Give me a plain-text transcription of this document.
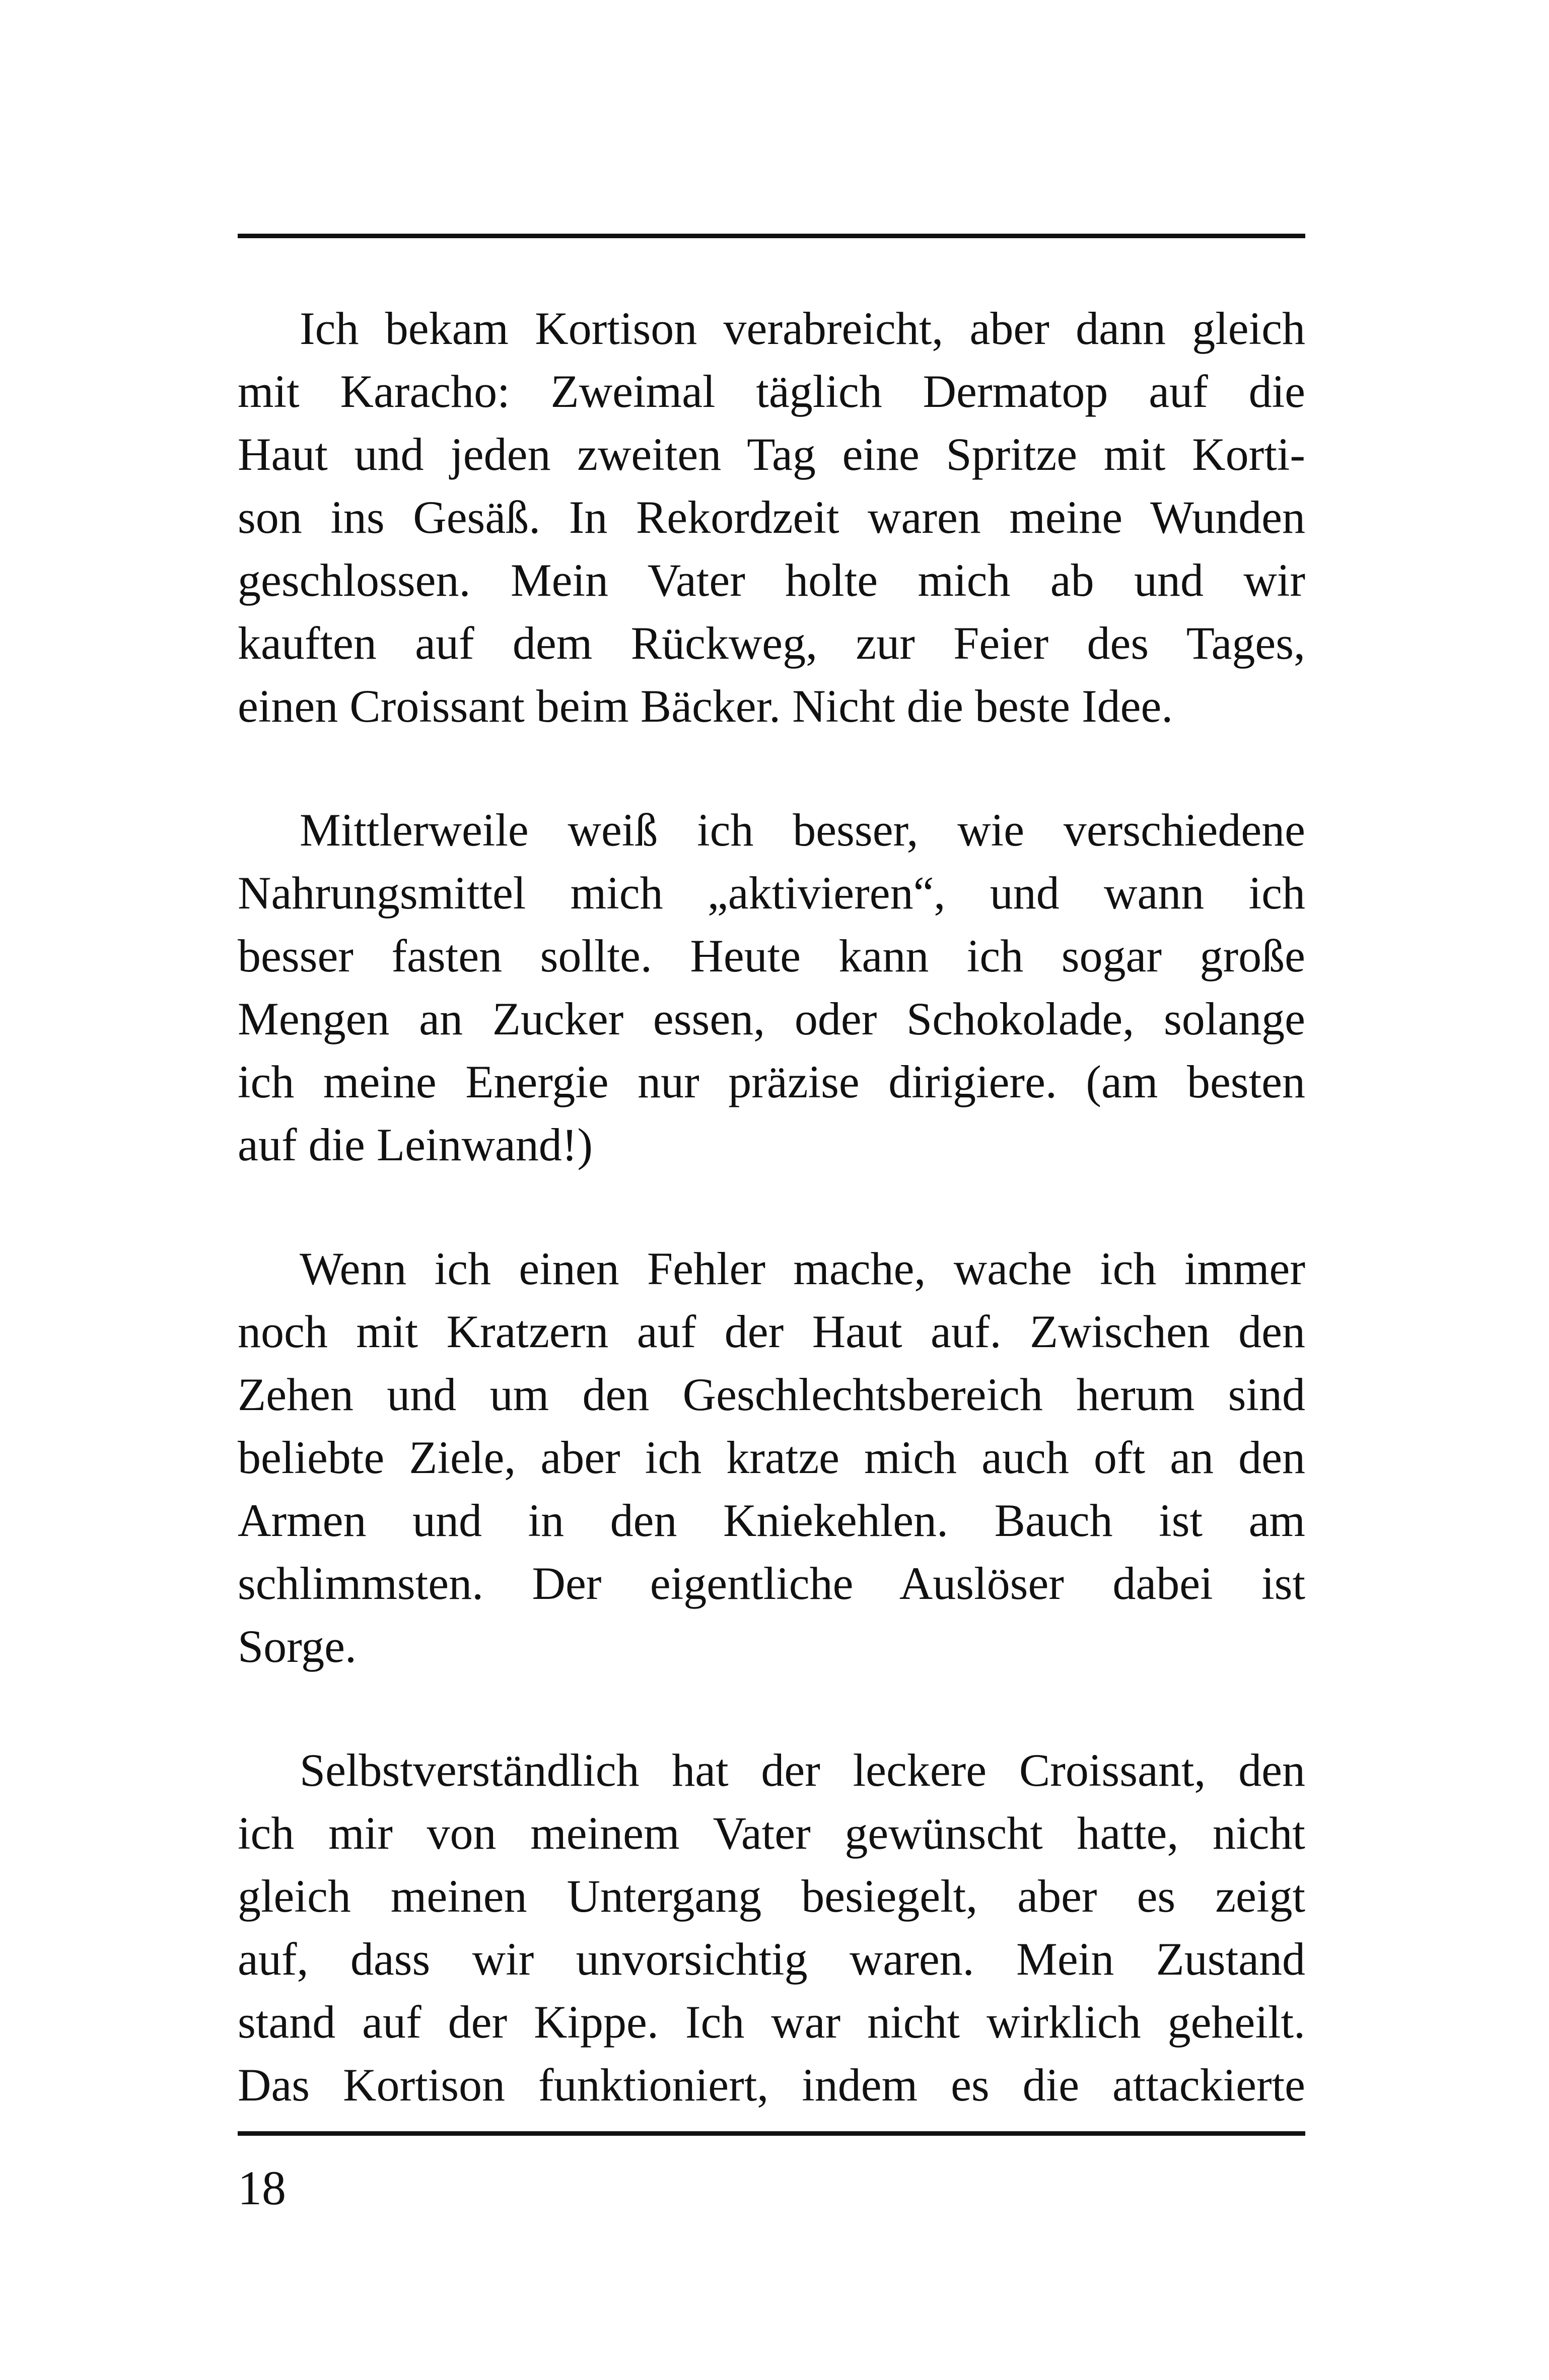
Ich bekam Kortison verabreicht, aber dann gleich
mit Karacho: Zweimal täglich Dermatop auf die
Haut und jeden zweiten Tag eine Spritze mit Korti-
son ins Gesäß. In Rekordzeit waren meine Wunden
geschlossen. Mein Vater holte mich ab und wir
kauften auf dem Rückweg, zur Feier des Tages,
einen Croissant beim Bäcker. Nicht die beste Idee.

Mittlerweile weiß ich besser, wie verschiedene
Nahrungsmittel mich „aktivieren“, und wann ich
besser fasten sollte. Heute kann ich sogar große
Mengen an Zucker essen, oder Schokolade, solange
ich meine Energie nur präzise dirigiere. (am besten
auf die Leinwand!)

Wenn ich einen Fehler mache, wache ich immer
noch mit Kratzern auf der Haut auf. Zwischen den
Zehen und um den Geschlechtsbereich herum sind
beliebte Ziele, aber ich kratze mich auch oft an den
Armen und in den Kniekehlen. Bauch ist am
schlimmsten. Der eigentliche Auslöser dabei ist
Sorge.

Selbstverständlich hat der leckere Croissant, den
ich mir von meinem Vater gewünscht hatte, nicht
gleich meinen Untergang besiegelt, aber es zeigt
auf, dass wir unvorsichtig waren. Mein Zustand
stand auf der Kippe. Ich war nicht wirklich geheilt.
Das Kortison funktioniert, indem es die attackierte

18
